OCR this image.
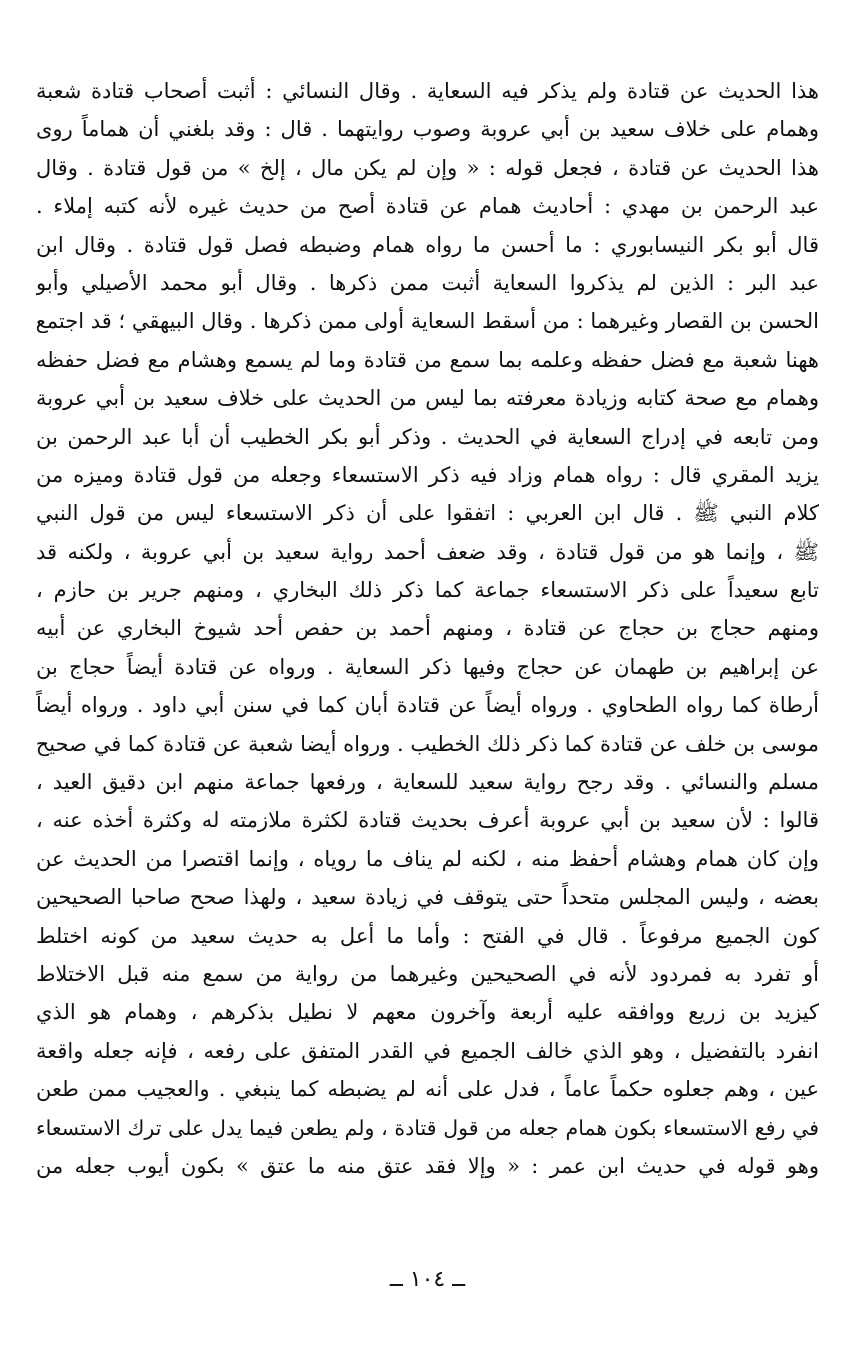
هذا الحديث عن قتادة ولم يذكر فيه السعاية . وقال النسائي : أثبت أصحاب قتادة شعبة
وهمام على خلاف سعيد بن أبي عروبة وصوب روايتهما . قال : وقد بلغني أن هماماً روى
هذا الحديث عن قتادة ، فجعل قوله : « وإن لم يكن مال ، إلخ » من قول قتادة . وقال
عبد الرحمن بن مهدي : أحاديث همام عن قتادة أصح من حديث غيره لأنه كتبه إملاء .
قال أبو بكر النيسابوري : ما أحسن ما رواه همام وضبطه فصل قول قتادة . وقال ابن
عبد البر : الذين لم يذكروا السعاية أثبت ممن ذكرها . وقال أبو محمد الأصيلي وأبو
الحسن بن القصار وغيرهما : من أسقط السعاية أولى ممن ذكرها . وقال البيهقي ؛ قد اجتمع
ههنا شعبة مع فضل حفظه وعلمه بما سمع من قتادة وما لم يسمع وهشام مع فضل حفظه
وهمام مع صحة كتابه وزيادة معرفته بما ليس من الحديث على خلاف سعيد بن أبي عروبة
ومن تابعه في إدراج السعاية في الحديث . وذكر أبو بكر الخطيب أن أبا عبد الرحمن بن
يزيد المقري قال : رواه همام وزاد فيه ذكر الاستسعاء وجعله من قول قتادة وميزه من
كلام النبي ﷺ . قال ابن العربي : اتفقوا على أن ذكر الاستسعاء ليس من قول النبي
ﷺ ، وإنما هو من قول قتادة ، وقد ضعف أحمد رواية سعيد بن أبي عروبة ، ولكنه قد
تابع سعيداً على ذكر الاستسعاء جماعة كما ذكر ذلك البخاري ، ومنهم جرير بن حازم ،
ومنهم حجاج بن حجاج عن قتادة ، ومنهم أحمد بن حفص أحد شيوخ البخاري عن أبيه
عن إبراهيم بن طهمان عن حجاج وفيها ذكر السعاية . ورواه عن قتادة أيضاً حجاج بن
أرطاة كما رواه الطحاوي . ورواه أيضاً عن قتادة أبان كما في سنن أبي داود . ورواه أيضاً
موسى بن خلف عن قتادة كما ذكر ذلك الخطيب . ورواه أيضا شعبة عن قتادة كما في صحيح
مسلم والنسائي . وقد رجح رواية سعيد للسعاية ، ورفعها جماعة منهم ابن دقيق العيد ،
قالوا : لأن سعيد بن أبي عروبة أعرف بحديث قتادة لكثرة ملازمته له وكثرة أخذه عنه ،
وإن كان همام وهشام أحفظ منه ، لكنه لم يناف ما روياه ، وإنما اقتصرا من الحديث عن
بعضه ، وليس المجلس متحداً حتى يتوقف في زيادة سعيد ، ولهذا صحح صاحبا الصحيحين
كون الجميع مرفوعاً . قال في الفتح : وأما ما أعل به حديث سعيد من كونه اختلط
أو تفرد به فمردود لأنه في الصحيحين وغيرهما من رواية من سمع منه قبل الاختلاط
كيزيد بن زريع ووافقه عليه أربعة وآخرون معهم لا نطيل بذكرهم ، وهمام هو الذي
انفرد بالتفضيل ، وهو الذي خالف الجميع في القدر المتفق على رفعه ، فإنه جعله واقعة
عين ، وهم جعلوه حكماً عاماً ، فدل على أنه لم يضبطه كما ينبغي . والعجيب ممن طعن
في رفع الاستسعاء بكون همام جعله من قول قتادة ، ولم يطعن فيما يدل على ترك الاستسعاء
وهو قوله في حديث ابن عمر : « وإلا فقد عتق منه ما عتق » بكون أيوب جعله من
ــ ١٠٤ ــ
